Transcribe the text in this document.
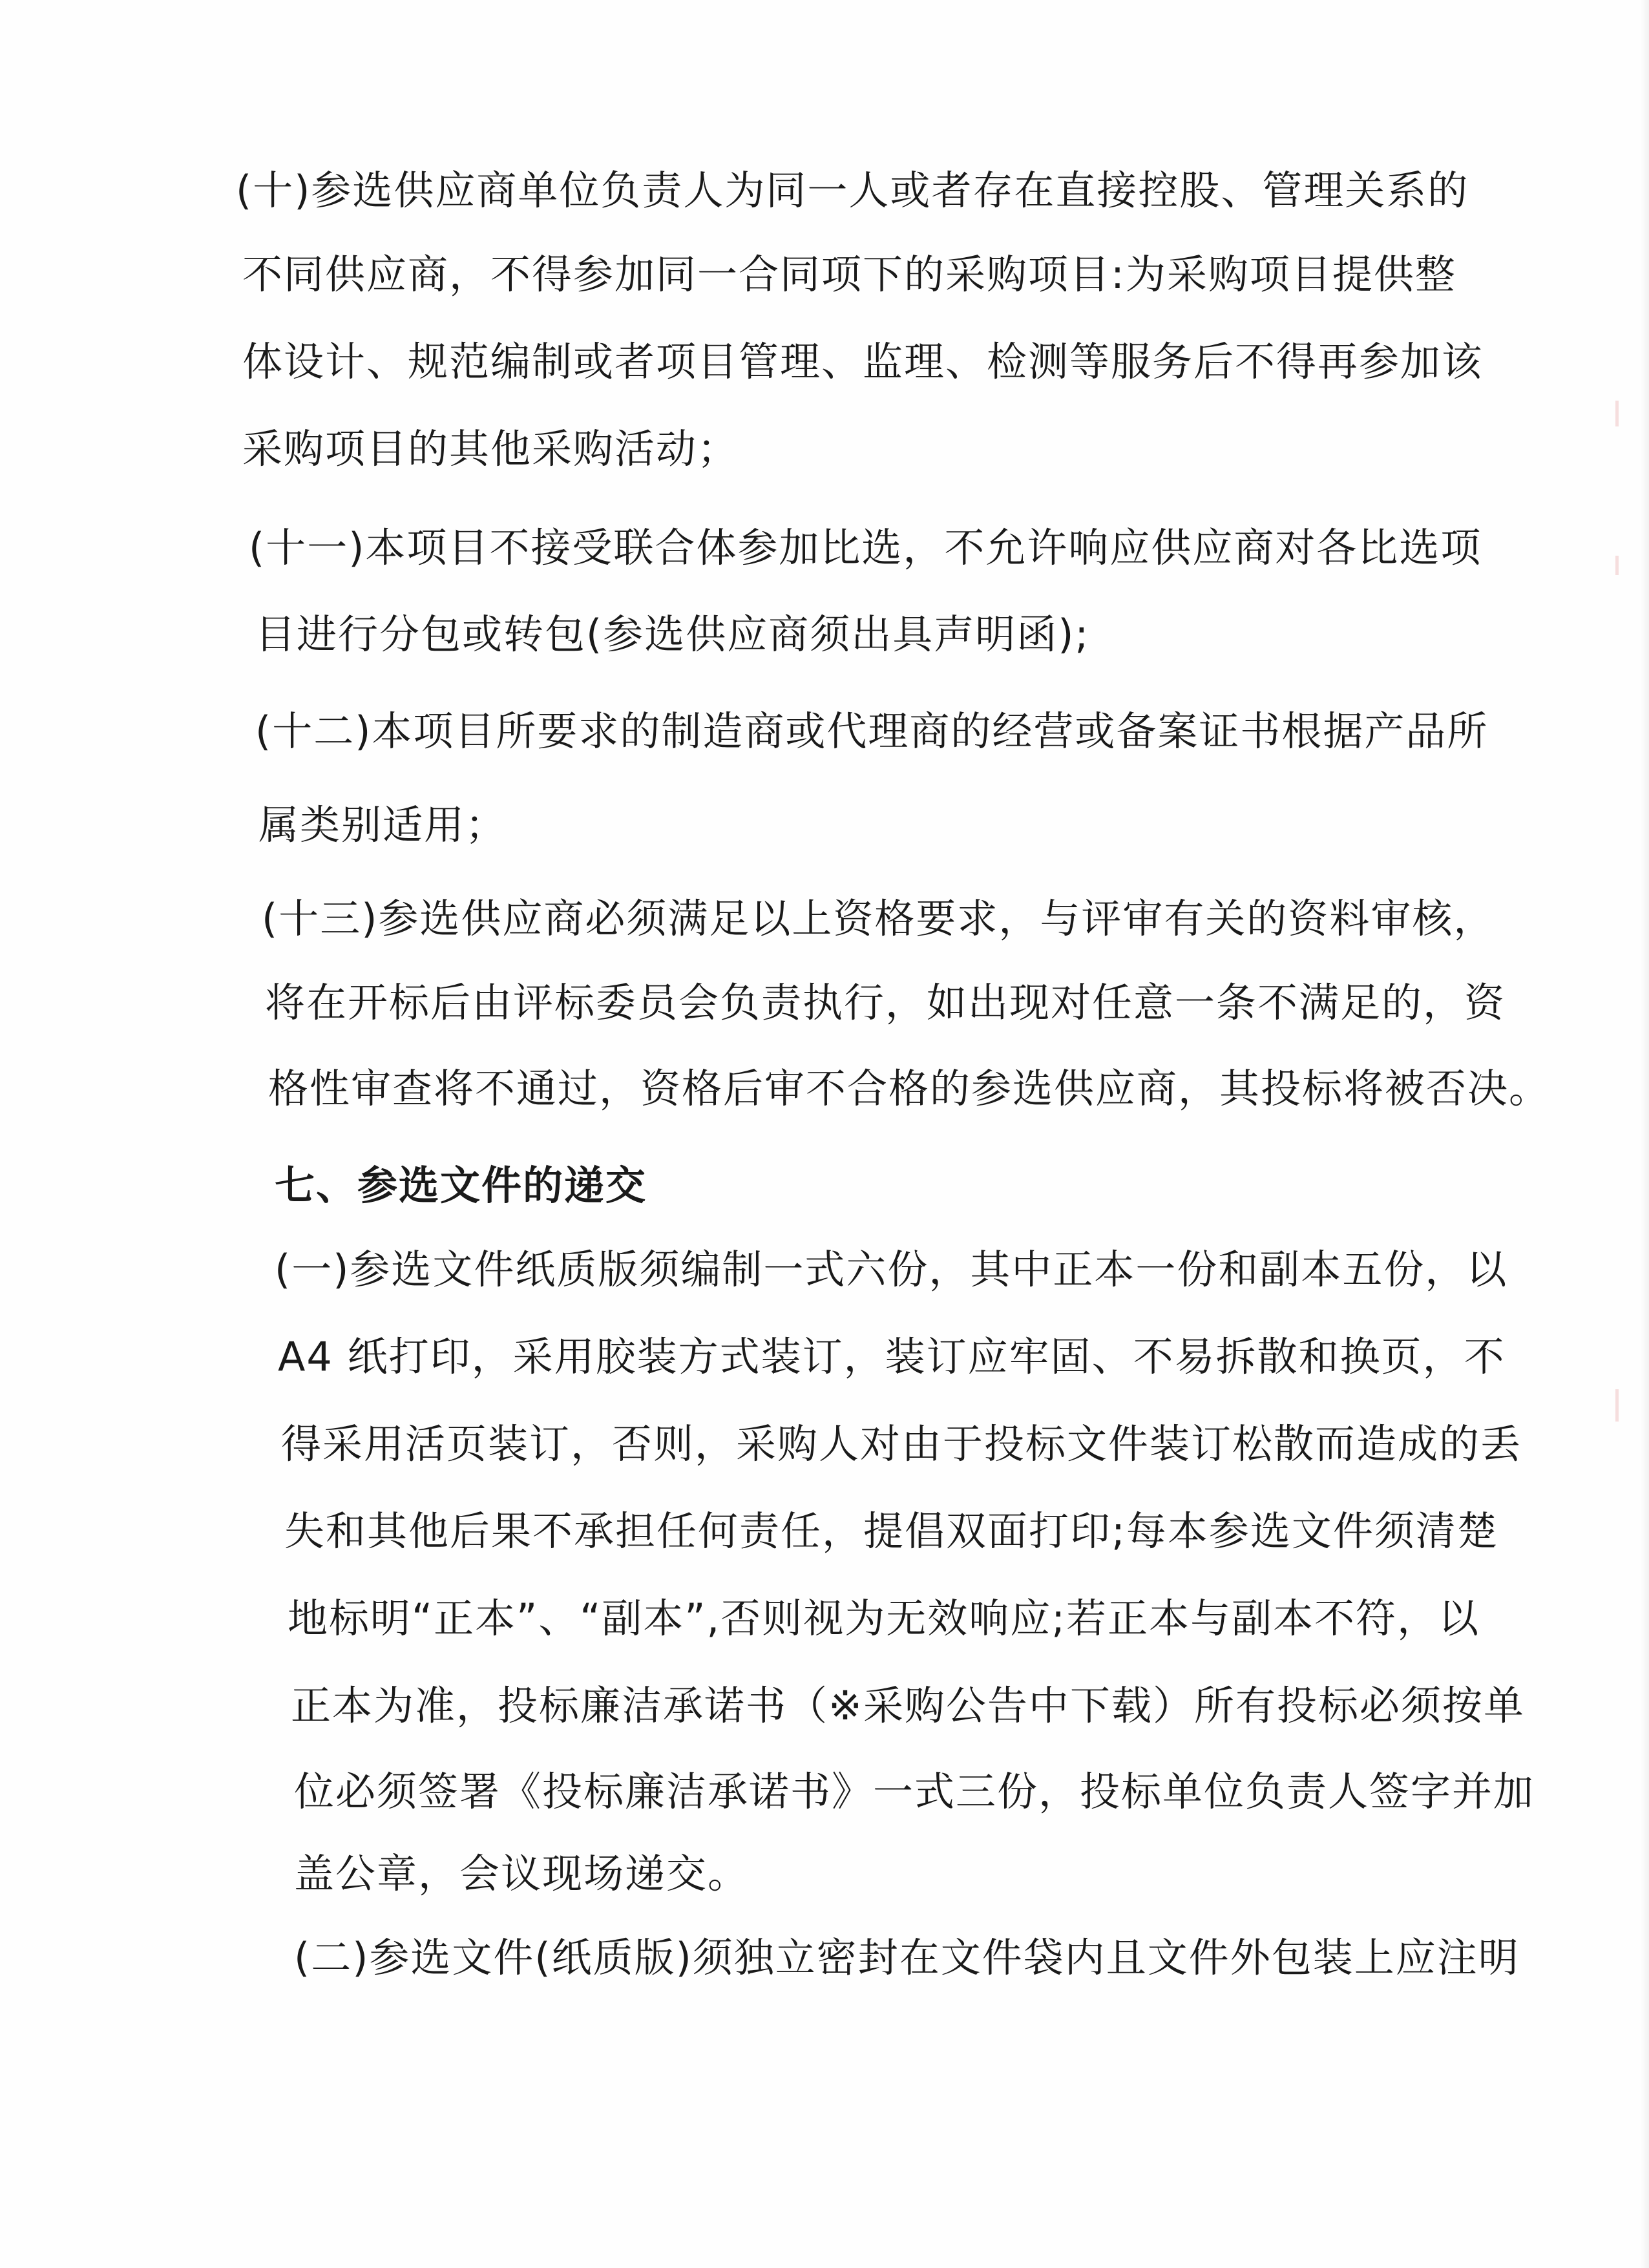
(十)参选供应商单位负责人为同一人或者存在直接控股、管理关系的
不同供应商，不得参加同一合同项下的采购项目:为采购项目提供整
体设计、规范编制或者项目管理、监理、检测等服务后不得再参加该
采购项目的其他采购活动；
(十一)本项目不接受联合体参加比选，不允许响应供应商对各比选项
目进行分包或转包(参选供应商须出具声明函);
(十二)本项目所要求的制造商或代理商的经营或备案证书根据产品所
属类别适用；
(十三)参选供应商必须满足以上资格要求，与评审有关的资料审核，
将在开标后由评标委员会负责执行，如出现对任意一条不满足的，资
格性审查将不通过，资格后审不合格的参选供应商，其投标将被否决。
七、参选文件的递交
(一)参选文件纸质版须编制一式六份，其中正本一份和副本五份，以
A4 纸打印，采用胶装方式装订，装订应牢固、不易拆散和换页，不
得采用活页装订，否则，采购人对由于投标文件装订松散而造成的丢
失和其他后果不承担任何责任，提倡双面打印;每本参选文件须清楚
地标明“正本”、“副本”,否则视为无效响应;若正本与副本不符，以
正本为准，投标廉洁承诺书（※采购公告中下载）所有投标必须按单
位必须签署《投标廉洁承诺书》一式三份，投标单位负责人签字并加
盖公章，会议现场递交。
(二)参选文件(纸质版)须独立密封在文件袋内且文件外包装上应注明
